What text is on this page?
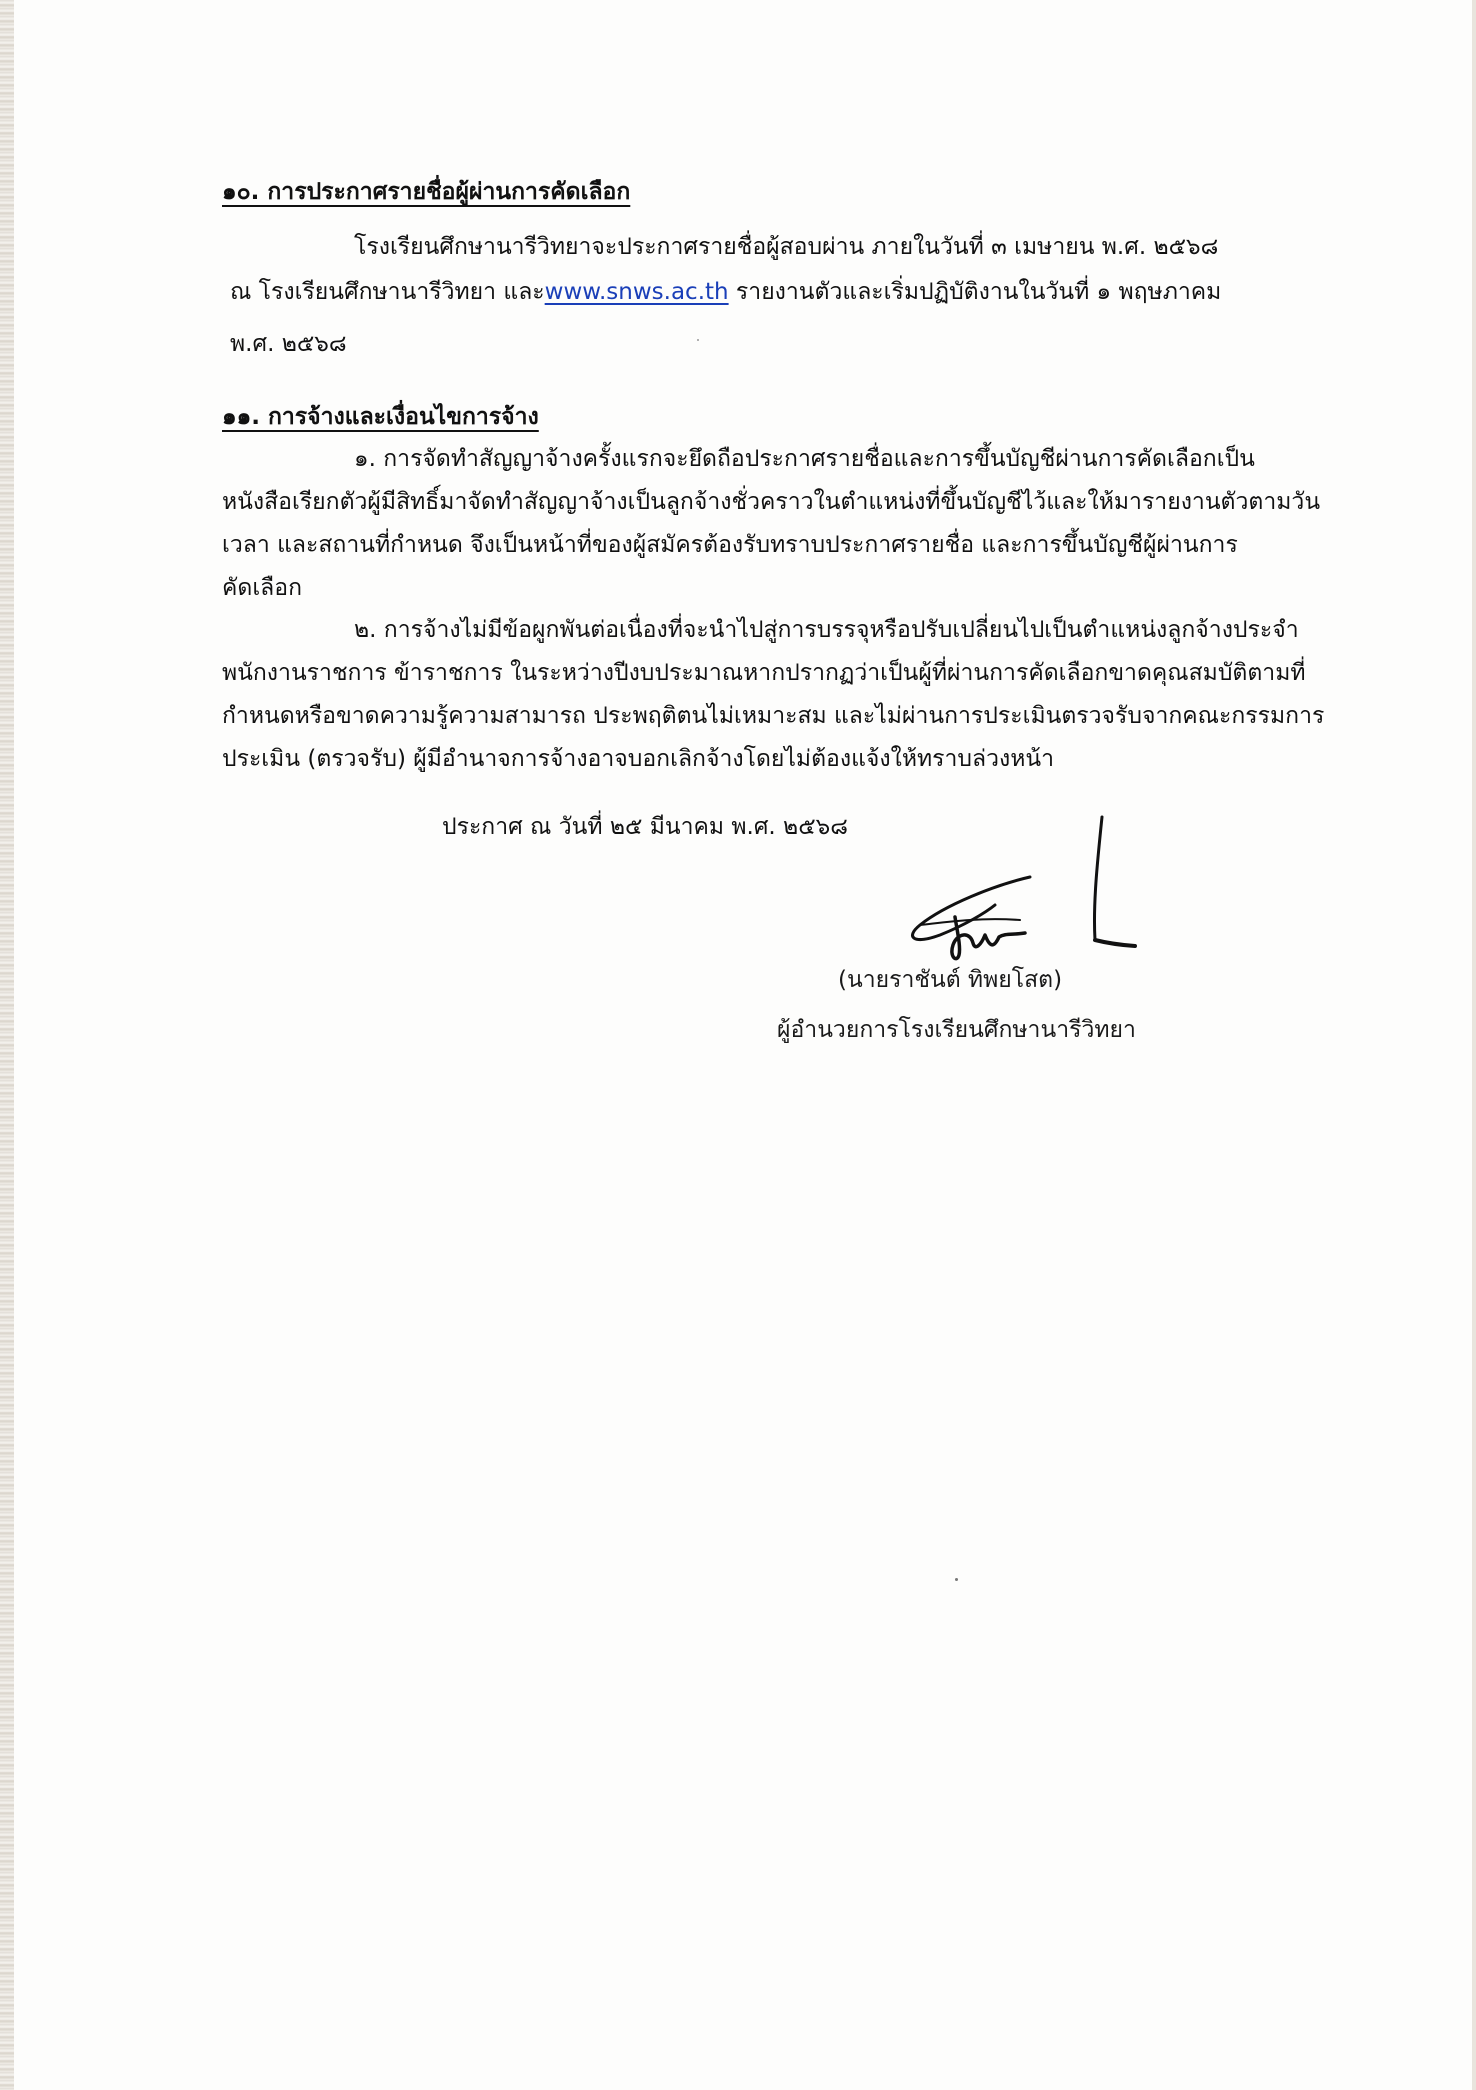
๑๐. การประกาศรายชื่อผู้ผ่านการคัดเลือก
โรงเรียนศึกษานารีวิทยาจะประกาศรายชื่อผู้สอบผ่าน ภายในวันที่ ๓ เมษายน พ.ศ. ๒๕๖๘
ณ โรงเรียนศึกษานารีวิทยา และwww.snws.ac.th รายงานตัวและเริ่มปฏิบัติงานในวันที่ ๑ พฤษภาคม
พ.ศ. ๒๕๖๘
๑๑. การจ้างและเงื่อนไขการจ้าง
๑. การจัดทำสัญญาจ้างครั้งแรกจะยึดถือประกาศรายชื่อและการขึ้นบัญชีผ่านการคัดเลือกเป็น
หนังสือเรียกตัวผู้มีสิทธิ์มาจัดทำสัญญาจ้างเป็นลูกจ้างชั่วคราวในตำแหน่งที่ขึ้นบัญชีไว้และให้มารายงานตัวตามวัน
เวลา และสถานที่กำหนด จึงเป็นหน้าที่ของผู้สมัครต้องรับทราบประกาศรายชื่อ และการขึ้นบัญชีผู้ผ่านการ
คัดเลือก
๒. การจ้างไม่มีข้อผูกพันต่อเนื่องที่จะนำไปสู่การบรรจุหรือปรับเปลี่ยนไปเป็นตำแหน่งลูกจ้างประจำ
พนักงานราชการ ข้าราชการ ในระหว่างปีงบประมาณหากปรากฏว่าเป็นผู้ที่ผ่านการคัดเลือกขาดคุณสมบัติตามที่
กำหนดหรือขาดความรู้ความสามารถ ประพฤติตนไม่เหมาะสม และไม่ผ่านการประเมินตรวจรับจากคณะกรรมการ
ประเมิน (ตรวจรับ) ผู้มีอำนาจการจ้างอาจบอกเลิกจ้างโดยไม่ต้องแจ้งให้ทราบล่วงหน้า
ประกาศ ณ วันที่ ๒๕ มีนาคม พ.ศ. ๒๕๖๘
(นายราชันต์ ทิพยโสต)
ผู้อำนวยการโรงเรียนศึกษานารีวิทยา
